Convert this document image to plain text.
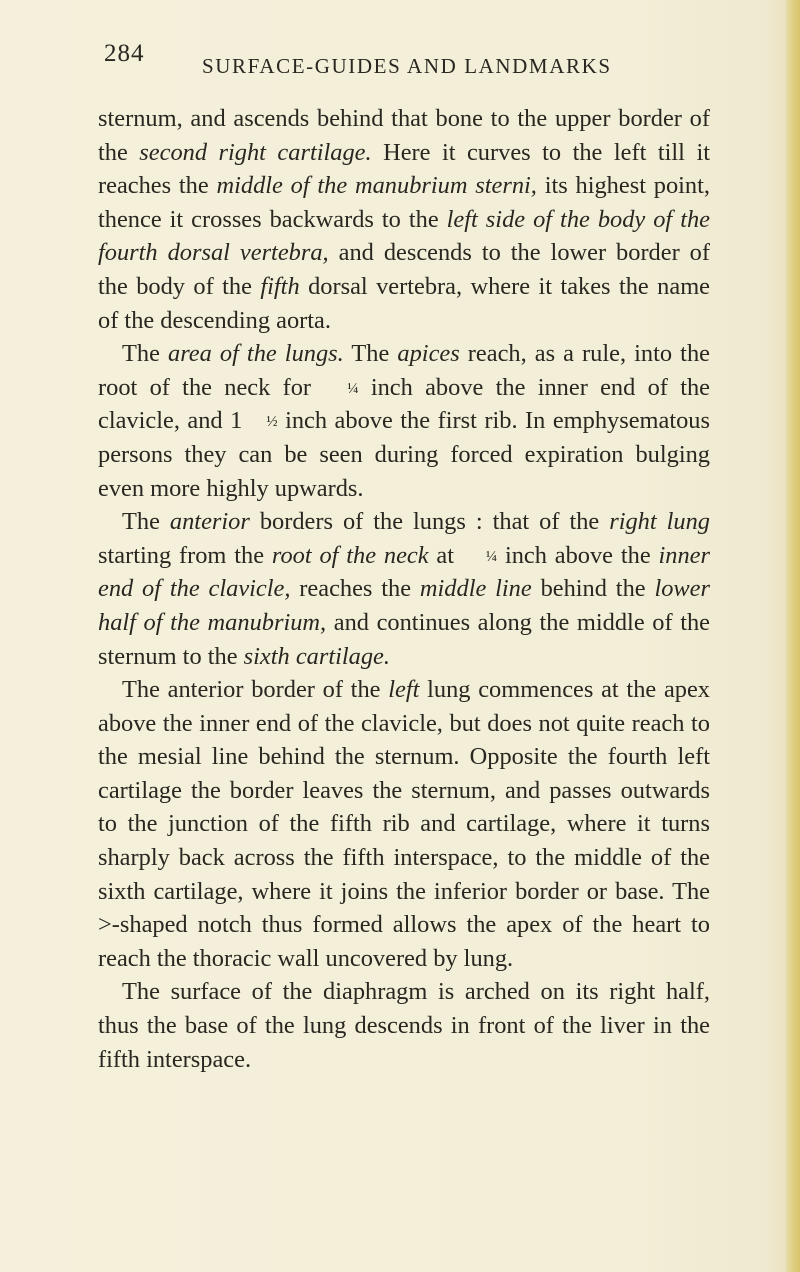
284	SURFACE-GUIDES AND LANDMARKS

sternum, and ascends behind that bone to the upper border of the second right cartilage. Here it curves to the left till it reaches the middle of the manubrium sterni, its highest point, thence it crosses backwards to the left side of the body of the fourth dorsal vertebra, and descends to the lower border of the body of the fifth dorsal vertebra, where it takes the name of the descending aorta.

The area of the lungs. The apices reach, as a rule, into the root of the neck for ¼ inch above the inner end of the clavicle, and 1 ½ inch above the first rib. In emphysematous persons they can be seen during forced expiration bulging even more highly upwards.

The anterior borders of the lungs : that of the right lung starting from the root of the neck at ¼ inch above the inner end of the clavicle, reaches the middle line behind the lower half of the manubrium, and continues along the middle of the sternum to the sixth cartilage.

The anterior border of the left lung commences at the apex above the inner end of the clavicle, but does not quite reach to the mesial line behind the sternum. Opposite the fourth left cartilage the border leaves the sternum, and passes outwards to the junction of the fifth rib and cartilage, where it turns sharply back across the fifth interspace, to the middle of the sixth cartilage, where it joins the inferior border or base. The >-shaped notch thus formed allows the apex of the heart to reach the thoracic wall uncovered by lung.

The surface of the diaphragm is arched on its right half, thus the base of the lung descends in front of the liver in the fifth interspace.
